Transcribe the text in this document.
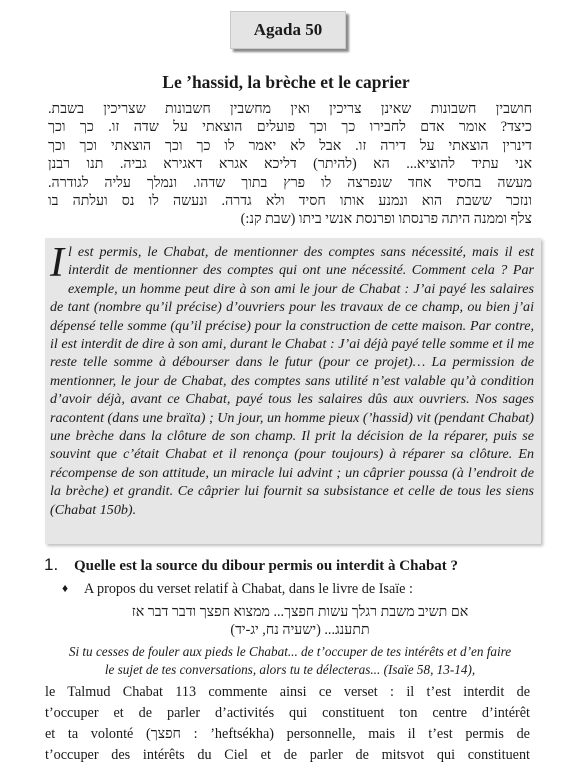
Agada 50
Le ’hassid, la brèche et le caprier
חושבין חשבונות שאינן צריכין ואין מחשבין חשבונות שצריכין בשבת.
כיצד? אומר אדם לחבירו כך וכך פועלים הוצאתי על שדה זו. כך וכך
דינרין הוצאתי על דירה זו. אבל לא יאמר לו כך וכך הוצאתי וכך וכך
אני עתיד להוציא... הא (להיתר) דליכא אגרא דאגירא גביה. תנו רבנן
מעשה בחסיד אחד שנפרצה לו פרץ בתוך שדהו. ונמלך עליה לגודרה.
ונזכר ששבת הוא ונמנע אותו חסיד ולא גדרה. ונעשה לו נס ועלתה בו
צלף וממנה היתה פרנסתו ופרנסת אנשי ביתו (שבת קנ:)
Il est permis, le Chabat, de mentionner des comptes sans nécessité, mais il est interdit de mentionner des comptes qui ont une nécessité. Comment cela ? Par exemple, un homme peut dire à son ami le jour de Chabat : J’ai payé les salaires de tant (nombre qu’il précise) d’ouvriers pour les travaux de ce champ, ou bien j’ai dépensé telle somme (qu’il précise) pour la construction de cette maison. Par contre, il est interdit de dire à son ami, durant le Chabat : J’ai déjà payé telle somme et il me reste telle somme à débourser dans le futur (pour ce projet)… La permission de mentionner, le jour de Chabat, des comptes sans utilité n’est valable qu’à condition d’avoir déjà, avant ce Chabat, payé tous les salaires dûs aux ouvriers. Nos sages racontent (dans une braïta) ; Un jour, un homme pieux (’hassid) vit (pendant Chabat) une brèche dans la clôture de son champ. Il prit la décision de la réparer, puis se souvint que c’était Chabat et il renonça (pour toujours) à réparer sa clôture. En récompense de son attitude, un miracle lui advint ; un câprier poussa (à l’endroit de la brèche) et grandit. Ce câprier lui fournit sa subsistance et celle de tous les siens (Chabat 150b).
1.	Quelle est la source du dibour permis ou interdit à Chabat ?
♦	A propos du verset relatif à Chabat, dans le livre de Isaïe :
אם תשיב משבת רגלך עשות חפצך... ממצוא חפצך ודבר דבר אז
תתענג... (ישעיה נח, יג-יד)
Si tu cesses de fouler aux pieds le Chabat... de t’occuper de tes intérêts et d’en faire
le sujet de tes conversations, alors tu te délecteras... (Isaïe 58, 13-14),
le Talmud Chabat 113 commente ainsi ce verset : il t’est interdit de
t’occuper et de parler d’activités qui constituent ton centre d’intérêt
et ta volonté (חפצך : ’heftsékha) personnelle, mais il t’est permis de
t’occuper des intérêts du Ciel et de parler de mitsvot qui constituent
